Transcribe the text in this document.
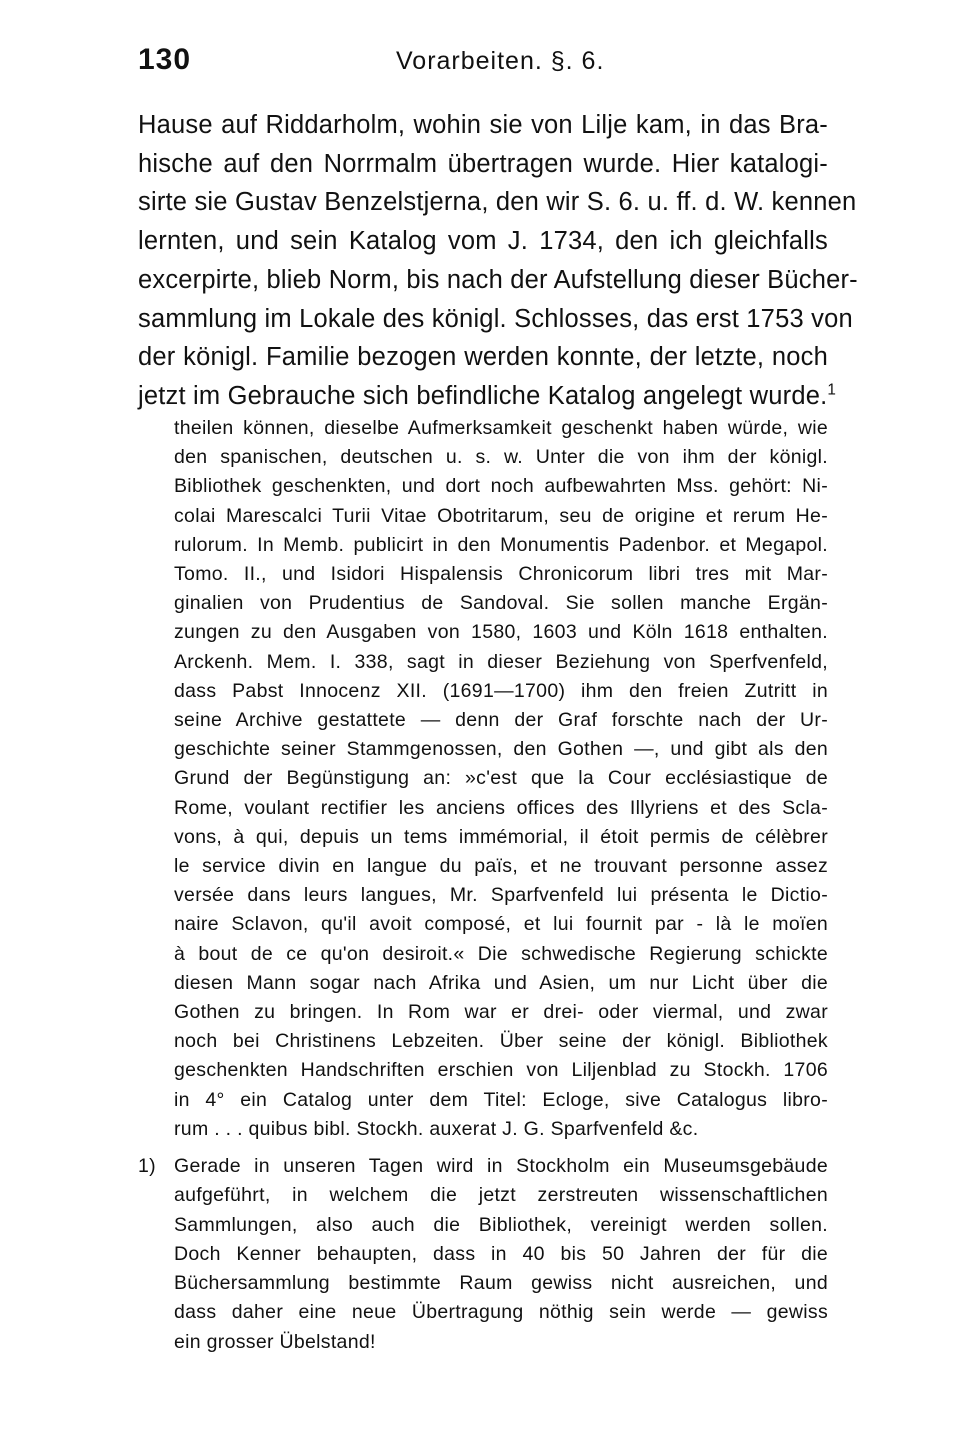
130	Vorarbeiten. §. 6.
Hause auf Riddarholm, wohin sie von Lilje kam, in das Bra-
hische auf den Norrmalm übertragen wurde. Hier katalogi-
sirte sie Gustav Benzelstjerna, den wir S. 6. u. ff. d. W. kennen
lernten, und sein Katalog vom J. 1734, den ich gleichfalls
excerpirte, blieb Norm, bis nach der Aufstellung dieser Bücher-
sammlung im Lokale des königl. Schlosses, das erst 1753 von
der königl. Familie bezogen werden konnte, der letzte, noch
jetzt im Gebrauche sich befindliche Katalog angelegt wurde.$^1$
theilen können, dieselbe Aufmerksamkeit geschenkt haben würde, wie
den spanischen, deutschen u. s. w. Unter die von ihm der königl.
Bibliothek geschenkten, und dort noch aufbewahrten Mss. gehört: Ni-
colai Marescalci Turii Vitae Obotritarum, seu de origine et rerum He-
rulorum. In Memb. publicirt in den Monumentis Padenbor. et Megapol.
Tomo. II., und Isidori Hispalensis Chronicorum libri tres mit Mar-
ginalien von Prudentius de Sandoval. Sie sollen manche Ergän-
zungen zu den Ausgaben von 1580, 1603 und Köln 1618 enthalten.
Arckenh. Mem. I. 338, sagt in dieser Beziehung von Sperfvenfeld,
dass Pabst Innocenz XII. (1691—1700) ihm den freien Zutritt in
seine Archive gestattete — denn der Graf forschte nach der Ur-
geschichte seiner Stammgenossen, den Gothen —, und gibt als den
Grund der Begünstigung an: »c'est que la Cour ecclésiastique de
Rome, voulant rectifier les anciens offices des Illyriens et des Scla-
vons, à qui, depuis un tems immémorial, il étoit permis de célèbrer
le service divin en langue du païs, et ne trouvant personne assez
versée dans leurs langues, Mr. Sparfvenfeld lui présenta le Dictio-
naire Sclavon, qu'il avoit composé, et lui fournit par - là le moïen
à bout de ce qu'on desiroit.« Die schwedische Regierung schickte
diesen Mann sogar nach Afrika und Asien, um nur Licht über die
Gothen zu bringen. In Rom war er drei- oder viermal, und zwar
noch bei Christinens Lebzeiten. Über seine der königl. Bibliothek
geschenkten Handschriften erschien von Liljenblad zu Stockh. 1706
in 4° ein Catalog unter dem Titel: Ecloge, sive Catalogus libro-
rum . . . quibus bibl. Stockh. auxerat J. G. Sparfvenfeld &c.
1) Gerade in unseren Tagen wird in Stockholm ein Museumsgebäude
aufgeführt, in welchem die jetzt zerstreuten wissenschaftlichen
Sammlungen, also auch die Bibliothek, vereinigt werden sollen.
Doch Kenner behaupten, dass in 40 bis 50 Jahren der für die
Büchersammlung bestimmte Raum gewiss nicht ausreichen, und
dass daher eine neue Übertragung nöthig sein werde — gewiss
ein grosser Übelstand!
